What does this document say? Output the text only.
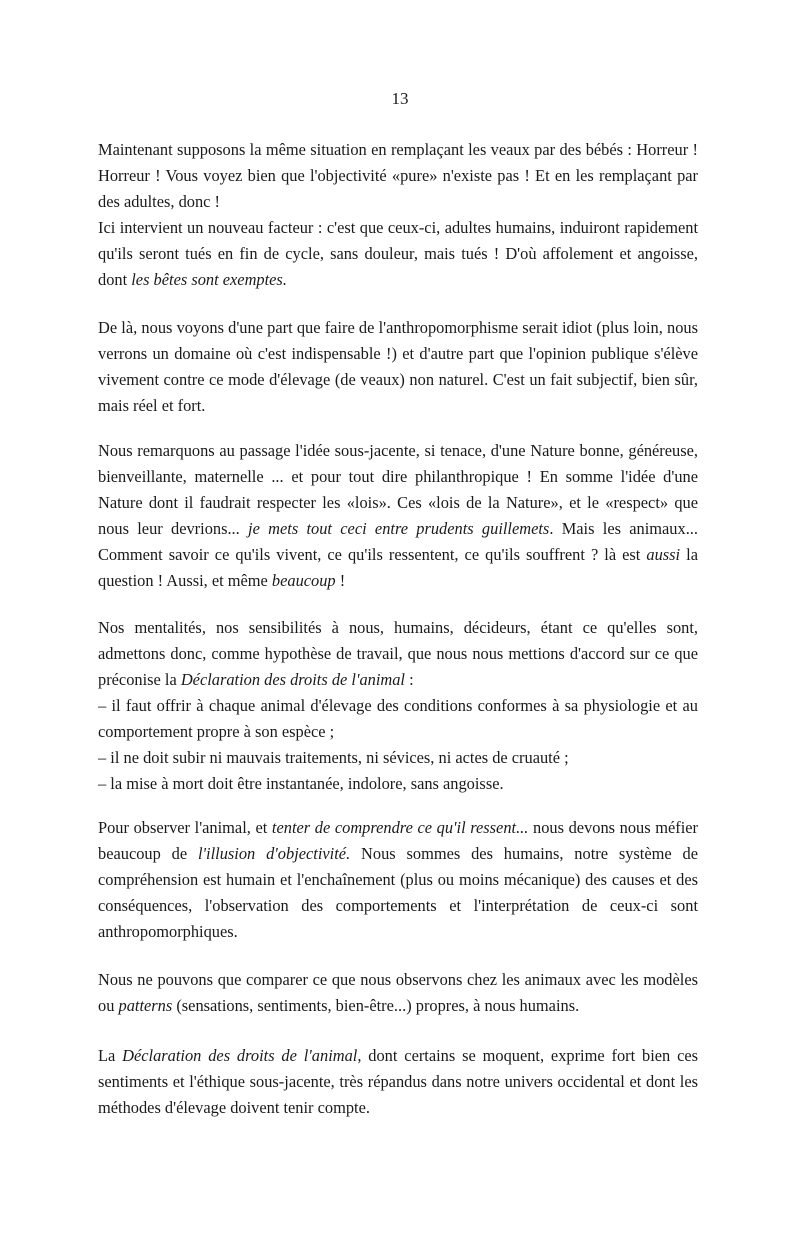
13

Maintenant supposons la même situation en remplaçant les veaux par des bébés : Horreur ! Horreur ! Vous voyez bien que l'objectivité «pure» n'existe pas ! Et en les remplaçant par des adultes, donc !

Ici intervient un nouveau facteur : c'est que ceux-ci, adultes humains, induiront rapidement qu'ils seront tués en fin de cycle, sans douleur, mais tués ! D'où affolement et angoisse, dont les bêtes sont exemptes.

De là, nous voyons d'une part que faire de l'anthropomorphisme serait idiot (plus loin, nous verrons un domaine où c'est indispensable !) et d'autre part que l'opinion publique s'élève vivement contre ce mode d'élevage (de veaux) non naturel. C'est un fait subjectif, bien sûr, mais réel et fort.

Nous remarquons au passage l'idée sous-jacente, si tenace, d'une Nature bonne, généreuse, bienveillante, maternelle ... et pour tout dire philanthropique ! En somme l'idée d'une Nature dont il faudrait respecter les «lois». Ces «lois de la Nature», et le «respect» que nous leur devrions... je mets tout ceci entre prudents guillemets. Mais les animaux... Comment savoir ce qu'ils vivent, ce qu'ils ressentent, ce qu'ils souffrent ? là est aussi la question ! Aussi, et même beaucoup !

Nos mentalités, nos sensibilités à nous, humains, décideurs, étant ce qu'elles sont, admettons donc, comme hypothèse de travail, que nous nous mettions d'accord sur ce que préconise la Déclaration des droits de l'animal :

– il faut offrir à chaque animal d'élevage des conditions conformes à sa physiologie et au comportement propre à son espèce ;

– il ne doit subir ni mauvais traitements, ni sévices, ni actes de cruauté ;

– la mise à mort doit être instantanée, indolore, sans angoisse.

Pour observer l'animal, et tenter de comprendre ce qu'il ressent... nous devons nous méfier beaucoup de l'illusion d'objectivité. Nous sommes des humains, notre système de compréhension est humain et l'enchaînement (plus ou moins mécanique) des causes et des conséquences, l'observation des comportements et l'interprétation de ceux-ci sont anthropomorphiques.

Nous ne pouvons que comparer ce que nous observons chez les animaux avec les modèles ou patterns (sensations, sentiments, bien-être...) propres, à nous humains.

La Déclaration des droits de l'animal, dont certains se moquent, exprime fort bien ces sentiments et l'éthique sous-jacente, très répandus dans notre univers occidental et dont les méthodes d'élevage doivent tenir compte.
